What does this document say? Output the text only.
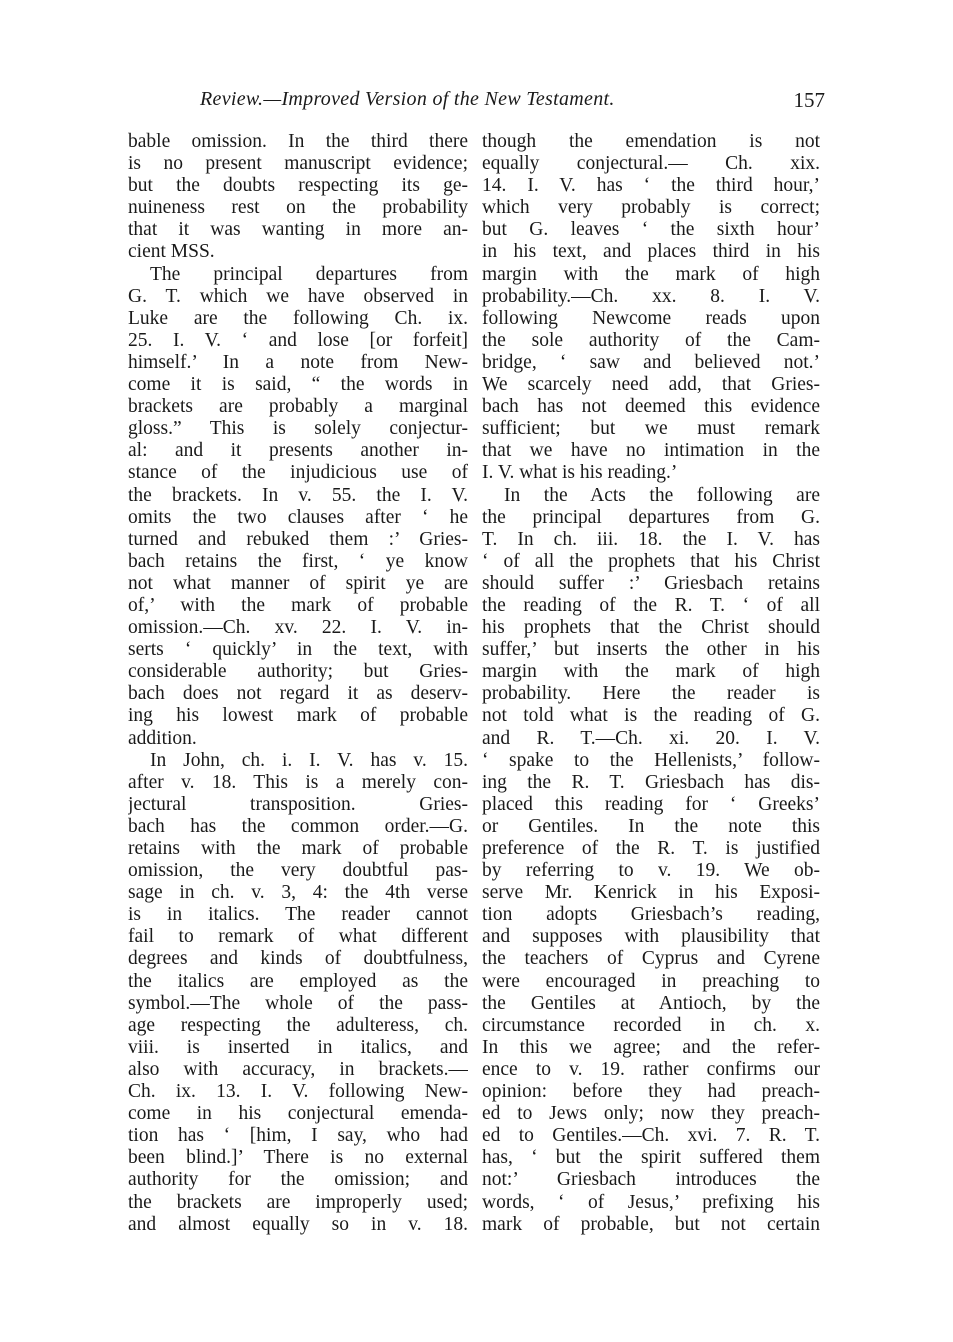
Review.—Improved Version of the New Testament.	157
bable omission. In the third there
is no present manuscript evidence;
but the doubts respecting its ge-
nuineness rest on the probability
that it was wanting in more an-
cient MSS.
The principal departures from
G. T. which we have observed in
Luke are the following Ch. ix.
25. I. V. ‘ and lose [or forfeit]
himself.’ In a note from New-
come it is said, “ the words in
brackets are probably a marginal
gloss.” This is solely conjectur-
al: and it presents another in-
stance of the injudicious use of
the brackets. In v. 55. the I. V.
omits the two clauses after ‘ he
turned and rebuked them :’ Gries-
bach retains the first, ‘ ye know
not what manner of spirit ye are
of,’ with the mark of probable
omission.—Ch. xv. 22. I. V. in-
serts ‘ quickly’ in the text, with
considerable authority; but Gries-
bach does not regard it as deserv-
ing his lowest mark of probable
addition.
In John, ch. i. I. V. has v. 15.
after v. 18. This is a merely con-
jectural transposition. Gries-
bach has the common order.—G.
retains with the mark of probable
omission, the very doubtful pas-
sage in ch. v. 3, 4: the 4th verse
is in italics. The reader cannot
fail to remark of what different
degrees and kinds of doubtfulness,
the italics are employed as the
symbol.—The whole of the pass-
age respecting the adulteress, ch.
viii. is inserted in italics, and
also with accuracy, in brackets.—
Ch. ix. 13. I. V. following New-
come in his conjectural emenda-
tion has ‘ [him, I say, who had
been blind.]’ There is no external
authority for the omission; and
the brackets are improperly used;
and almost equally so in v. 18.
though the emendation is not
equally conjectural.— Ch. xix.
14. I. V. has ‘ the third hour,’
which very probably is correct;
but G. leaves ‘ the sixth hour’
in his text, and places third in his
margin with the mark of high
probability.—Ch. xx. 8. I. V.
following Newcome reads upon
the sole authority of the Cam-
bridge, ‘ saw and believed not.’
We scarcely need add, that Gries-
bach has not deemed this evidence
sufficient; but we must remark
that we have no intimation in the
I. V. what is his reading.’
In the Acts the following are
the principal departures from G.
T. In ch. iii. 18. the I. V. has
‘ of all the prophets that his Christ
should suffer :’ Griesbach retains
the reading of the R. T. ‘ of all
his prophets that the Christ should
suffer,’ but inserts the other in his
margin with the mark of high
probability. Here the reader is
not told what is the reading of G.
and R. T.—Ch. xi. 20. I. V.
‘ spake to the Hellenists,’ follow-
ing the R. T. Griesbach has dis-
placed this reading for ‘ Greeks’
or Gentiles. In the note this
preference of the R. T. is justified
by referring to v. 19. We ob-
serve Mr. Kenrick in his Exposi-
tion adopts Griesbach’s reading,
and supposes with plausibility that
the teachers of Cyprus and Cyrene
were encouraged in preaching to
the Gentiles at Antioch, by the
circumstance recorded in ch. x.
In this we agree; and the refer-
ence to v. 19. rather confirms our
opinion: before they had preach-
ed to Jews only; now they preach-
ed to Gentiles.—Ch. xvi. 7. R. T.
has, ‘ but the spirit suffered them
not:’ Griesbach introduces the
words, ‘ of Jesus,’ prefixing his
mark of probable, but not certain
